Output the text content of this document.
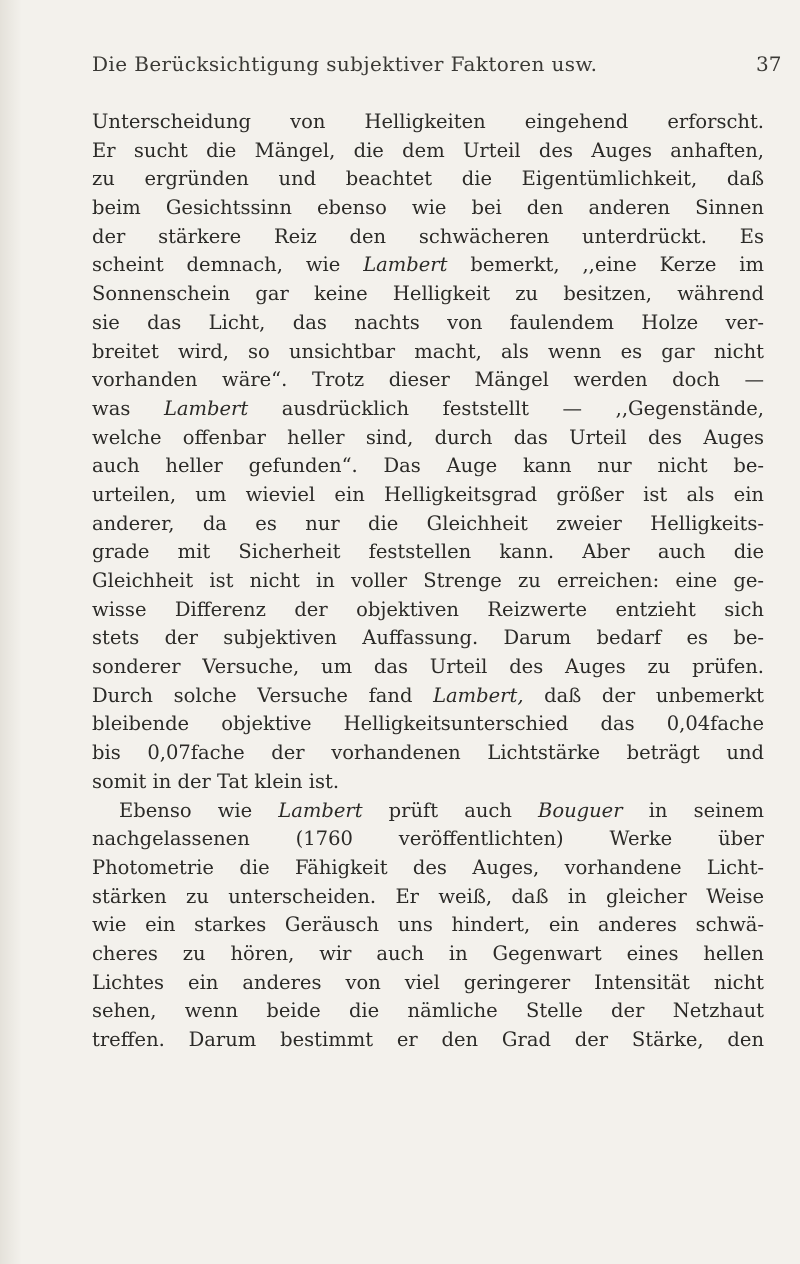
Die Berücksichtigung subjektiver Faktoren usw.	37
Unterscheidung von Helligkeiten eingehend erforscht.
Er sucht die Mängel, die dem Urteil des Auges anhaften,
zu ergründen und beachtet die Eigentümlichkeit, daß
beim Gesichtssinn ebenso wie bei den anderen Sinnen
der stärkere Reiz den schwächeren unterdrückt. Es
scheint demnach, wie Lambert bemerkt, ,,eine Kerze im
Sonnenschein gar keine Helligkeit zu besitzen, während
sie das Licht, das nachts von faulendem Holze ver-
breitet wird, so unsichtbar macht, als wenn es gar nicht
vorhanden wäre“. Trotz dieser Mängel werden doch —
was Lambert ausdrücklich feststellt — ,,Gegenstände,
welche offenbar heller sind, durch das Urteil des Auges
auch heller gefunden“. Das Auge kann nur nicht be-
urteilen, um wieviel ein Helligkeitsgrad größer ist als ein
anderer, da es nur die Gleichheit zweier Helligkeits-
grade mit Sicherheit feststellen kann. Aber auch die
Gleichheit ist nicht in voller Strenge zu erreichen: eine ge-
wisse Differenz der objektiven Reizwerte entzieht sich
stets der subjektiven Auffassung. Darum bedarf es be-
sonderer Versuche, um das Urteil des Auges zu prüfen.
Durch solche Versuche fand Lambert, daß der unbemerkt
bleibende objektive Helligkeitsunterschied das 0,04fache
bis 0,07fache der vorhandenen Lichtstärke beträgt und
somit in der Tat klein ist.
Ebenso wie Lambert prüft auch Bouguer in seinem
nachgelassenen (1760 veröffentlichten) Werke über
Photometrie die Fähigkeit des Auges, vorhandene Licht-
stärken zu unterscheiden. Er weiß, daß in gleicher Weise
wie ein starkes Geräusch uns hindert, ein anderes schwä-
cheres zu hören, wir auch in Gegenwart eines hellen
Lichtes ein anderes von viel geringerer Intensität nicht
sehen, wenn beide die nämliche Stelle der Netzhaut
treffen. Darum bestimmt er den Grad der Stärke, den
